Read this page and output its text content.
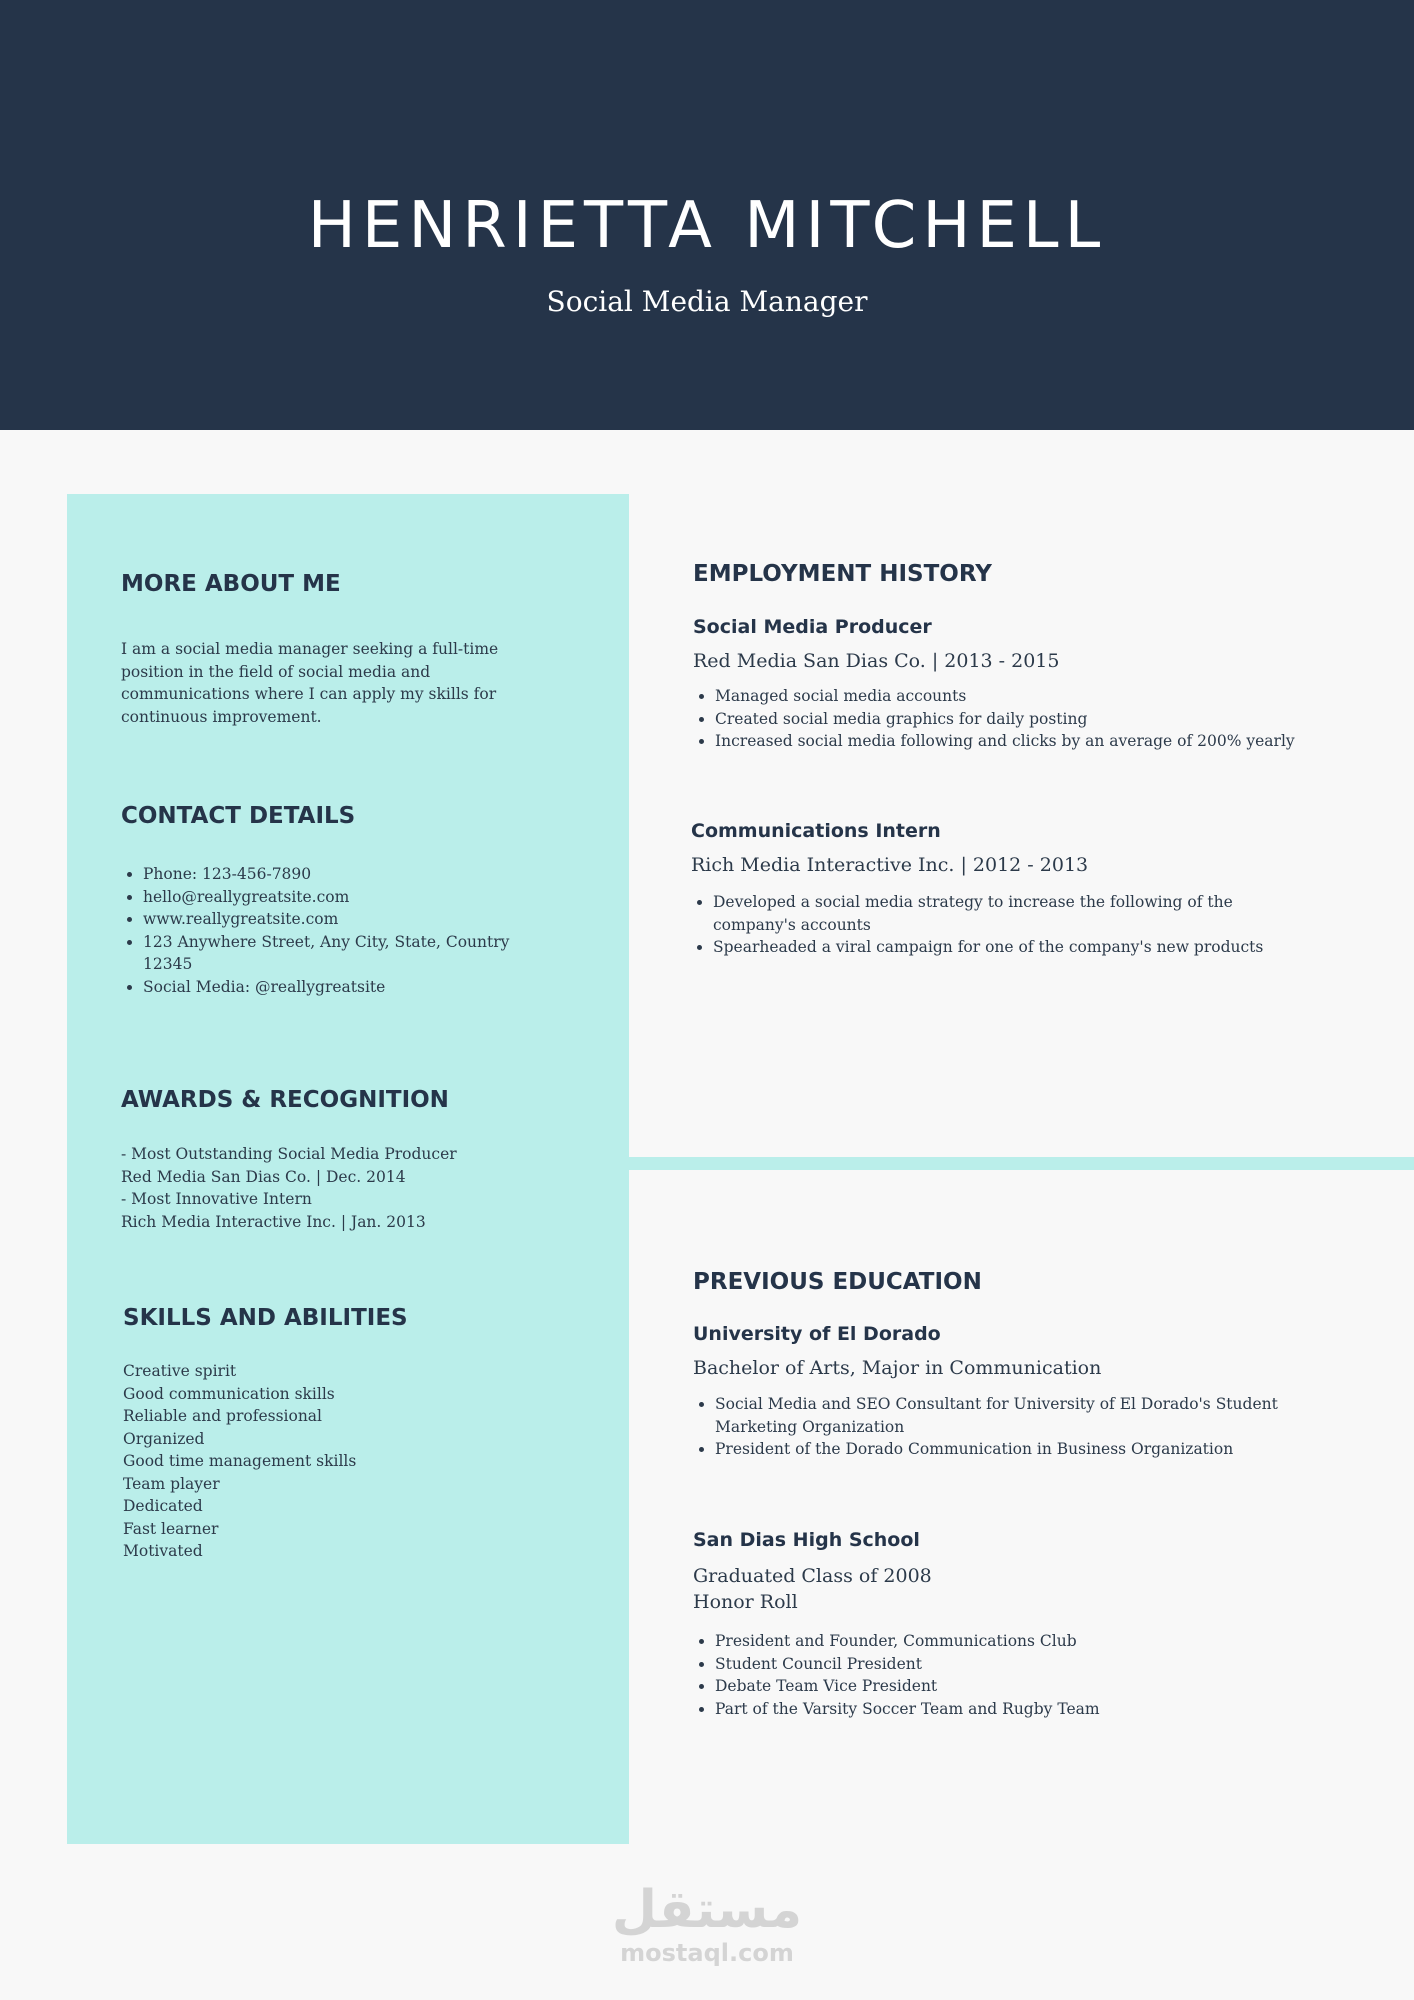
HENRIETTA MITCHELL
Social Media Manager
MORE ABOUT ME

I am a social media manager seeking a full-time position in the field of social media and communications where I can apply my skills for continuous improvement.

CONTACT DETAILS
• Phone: 123-456-7890
• hello@reallygreatsite.com
• www.reallygreatsite.com
• 123 Anywhere Street, Any City, State, Country 12345
• Social Media: @reallygreatsite
AWARDS & RECOGNITION
- Most Outstanding Social Media Producer
Red Media San Dias Co. | Dec. 2014
- Most Innovative Intern
Rich Media Interactive Inc. | Jan. 2013
SKILLS AND ABILITIES
Creative spirit
Good communication skills
Reliable and professional
Organized
Good time management skills
Team player
Dedicated
Fast learner
Motivated
EMPLOYMENT HISTORY
Social Media Producer

Red Media San Dias Co. | 2013 - 2015

• Managed social media accounts
• Created social media graphics for daily posting
• Increased social media following and clicks by an average of 200% yearly
Communications Intern

Rich Media Interactive Inc. | 2012 - 2013

• Developed a social media strategy to increase the following of the company's accounts
• Spearheaded a viral campaign for one of the company's new products
PREVIOUS EDUCATION
University of El Dorado

Bachelor of Arts, Major in Communication

• Social Media and SEO Consultant for University of El Dorado's Student Marketing Organization
• President of the Dorado Communication in Business Organization
San Dias High School

Graduated Class of 2008

Honor Roll

• President and Founder, Communications Club
• Student Council President
• Debate Team Vice President
• Part of the Varsity Soccer Team and Rugby Team
مستقل
mostaql.com
